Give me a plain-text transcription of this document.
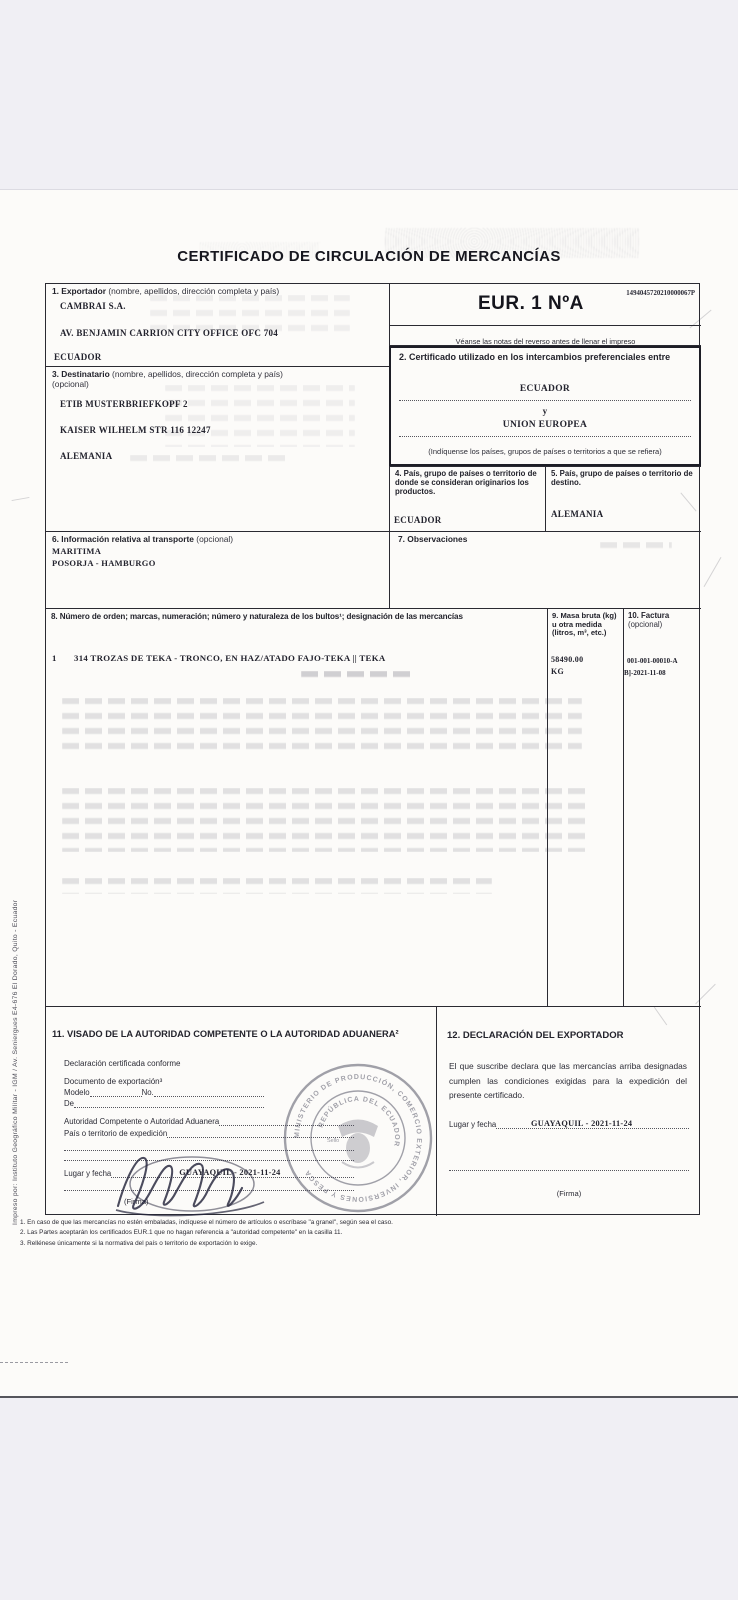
Impreso por: Instituto Geográfico Militar - IGM / Av. Seniergues E4-676 El Dorado, Quito - Ecuador
CERTIFICADO DE CIRCULACIÓN DE MERCANCÍAS
1. Exportador (nombre, apellidos, dirección completa y país)
CAMBRAI S.A.
AV. BENJAMIN CARRION CITY OFFICE OFC 704
ECUADOR
EUR. 1 NºA	1494045720210000067P
Véanse las notas del reverso antes de llenar el impreso
2. Certificado utilizado en los intercambios preferenciales entre
ECUADOR
y
UNION EUROPEA
(Indíquense los países, grupos de países o territorios a que se refiera)
3. Destinatario (nombre, apellidos, dirección completa y país)
(opcional)
ETIB MUSTERBRIEFKOPF 2
KAISER WILHELM STR 116 12247
ALEMANIA
4. País, grupo de países o territorio de donde se consideran originarios los productos.
ECUADOR
5. País, grupo de países o territorio de destino.
ALEMANIA
6. Información relativa al transporte (opcional)
MARITIMA
POSORJA - HAMBURGO
7. Observaciones
8. Número de orden; marcas, numeración; número y naturaleza de los bultos¹; designación de las mercancías
1 314 TROZAS DE TEKA - TRONCO, EN HAZ/ATADO FAJO-TEKA || TEKA
9. Masa bruta (kg)
u otra medida
(litros, m³, etc.)
58490.00
KG
10. Factura
(opcional)
001-001-00010-A
B]-2021-11-08
11. VISADO DE LA AUTORIDAD COMPETENTE O LA AUTORIDAD ADUANERA²
Declaración certificada conforme
Documento de exportación³
Modelo	No.
De
Autoridad Competente o Autoridad Aduanera
País o territorio de expedición
Lugar y fecha	GUAYAQUIL - 2021-11-24
(Firma)
12. DECLARACIÓN DEL EXPORTADOR
El que suscribe declara que las mercancías arriba designadas cumplen las condiciones exigidas para la expedición del presente certificado.
Lugar y fecha	GUAYAQUIL - 2021-11-24
(Firma)
MINISTERIO DE PRODUCCIÓN, COMERCIO EXTERIOR, INVERSIONES Y PESCA
REPÚBLICA DEL ECUADOR
Sello
1. En caso de que las mercancías no estén embaladas, indíquese el número de artículos o escríbase "a granel", según sea el caso.
2. Las Partes aceptarán los certificados EUR.1 que no hagan referencia a "autoridad competente" en la casilla 11.
3. Rellénese únicamente si la normativa del país o territorio de exportación lo exige.
